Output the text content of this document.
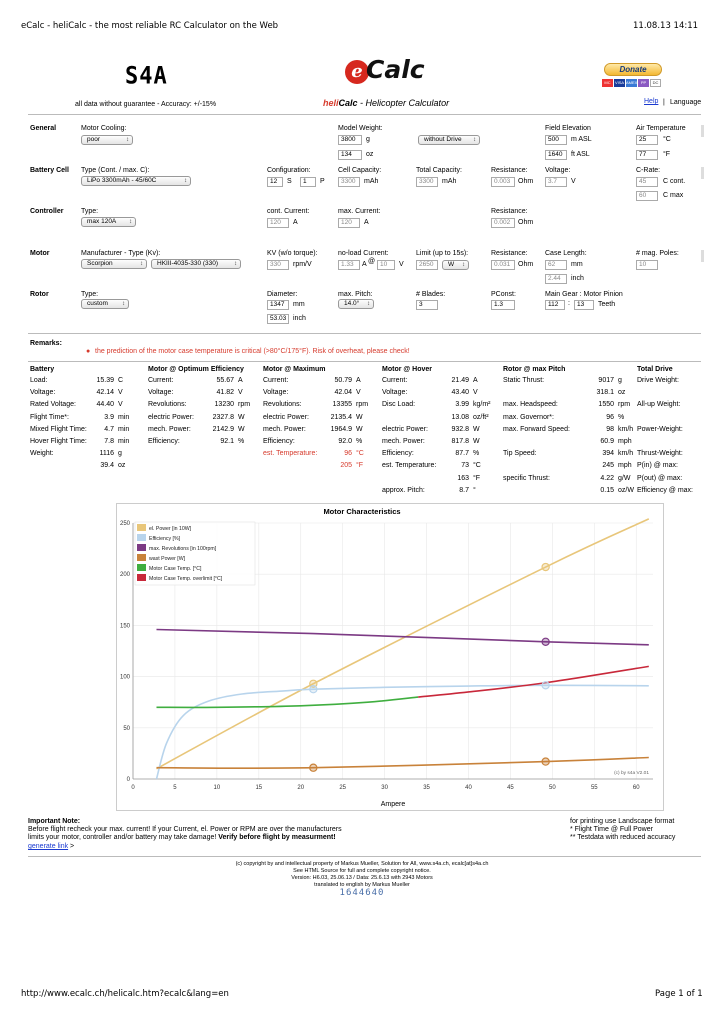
eCalc - heliCalc - the most reliable RC Calculator on the Web	11.08.13 14:11
S4A	e Calc
all data without guarantee - Accuracy: +/-15%	heliCalc - Helicopter Calculator
Donate
MC	VISA AMEX PP	DC
Help | Language
General	Motor Cooling:
poor ↕
Model Weight:
3800	g
134	oz
without Drive ↕
Field Elevation
500	m ASL
1640	ft ASL
Air Temperature
25	°C
77	°F
Battery Cell Type (Cont. / max. C):
LiPo 3300mAh - 45/60C ↕
Configuration:
12	S	1	P
Cell Capacity:
3300	mAh
Total Capacity:
3300	mAh
Resistance:
0.003	Ohm
Voltage:
3.7	V
C-Rate:
45	C cont.
60	C max
Controller	Type:
max 120A ↕
cont. Current:
120	A
max. Current:
120	A
Resistance:
0.002	Ohm
Motor	Manufacturer - Type (Kv):
Scorpion ↕	HKIII-4035-330 (330) ↕
KV (w/o torque):
330	rpm/V
no-load Current:
1.33	A @ 10	V
Limit (up to 15s):
2650	W ↕
Resistance:
0.031	Ohm
Case Length:
62	mm
2.44	inch
# mag. Poles:
10
Rotor	Type:
custom ↕
Diameter:
1347	mm
53.03 inch
max. Pitch:
14.0° ↕
# Blades:
3
PConst:
1.3
Main Gear : Motor Pinion
112	:	13	Teeth
Remarks:
● the prediction of the motor case temperature is critical (>80°C/175°F). Risk of overheat, please check!
Battery
Load:	15.39 C
Voltage:	42.14 V
Rated Voltage:	44.40 V
Flight Time*:	3.9 min
Mixed Flight Time:	4.7 min
Hover Flight Time:	7.8 min
Weight:	1116 g
39.4 oz
Motor @ Optimum Efficiency
Current:	55.67 A
Voltage:	41.82 V
Revolutions:	13230 rpm
electric Power:	2327.8 W
mech. Power:	2142.9 W
Efficiency:	92.1 %
Motor @ Maximum
Current:	50.79 A
Voltage:	42.04 V
Revolutions:	13355 rpm
electric Power:	2135.4 W
mech. Power:	1964.9 W
Efficiency:	92.0 %
est. Temperature:	96 °C
205 °F
Motor @ Hover
Current:	21.49 A
Voltage:	43.40 V
Disc Load:	3.99 kg/m²
13.08 oz/ft²
electric Power:	932.8 W
mech. Power:	817.8 W
Efficiency:	87.7 %
est. Temperature:	73 °C
163 °F
approx. Pitch:	8.7 °
Rotor @ max Pitch
Static Thrust:	9017 g
318.1 oz
max. Headspeed:	1550 rpm
max. Governor*:	96 %
max. Forward Speed:	98 km/h
60.9 mph
Tip Speed:	394 km/h
245 mph
specific Thrust:	4.22 g/W
0.15 oz/W
Total Drive
Drive Weight:
All-up Weight:
Power-Weight:
Thrust-Weight:
P(in) @ max:
P(out) @ max:
Efficiency @ max:
Motor Characteristics
0	5	10	15	20	25	30	35	40	45	50	55	60
0
50
100
150
200
250
el. Power [in 10W]
Efficiency [%]
max. Revolutions [in 100rpm]
wast Power [W]
Motor Case Temp. [°C]
Motor Case Temp. overlimit [°C]
Ampere
(c) by s4a V2.01
Important Note:
Before flight recheck your max. current! If your Current, el. Power or RPM are over the manufacturers
limits your motor, controller and/or battery may take damage! Verify before flight by measurment!
generate link >
for printing use Landscape format
* Flight Time @ Full Power
** Testdata with reduced accuracy
(c) copyright by and intellectual property of Markus Mueller, Solution for All, www.s4a.ch, ecalc[at]s4a.ch
See HTML Source for full and complete copyright notice.
Version: H6.03, 25.06.13 / Data: 25.6.13 with 2943 Motors
translated to english by Markus Mueller
1644640
http://www.ecalc.ch/helicalc.htm?ecalc&lang=en	Page 1 of 1
